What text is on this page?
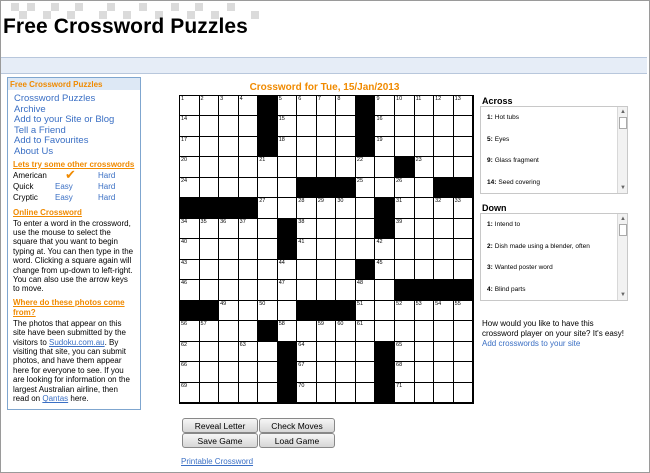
Free Crossword Puzzles
Free Crossword Puzzles
Crossword Puzzles
Archive
Add to your Site or Blog
Tell a Friend
Add to Favourites
About Us
Lets try some other crosswords
American	✔	Hard
Quick	Easy	Hard
Cryptic	Easy	Hard
Online Crossword
To enter a word in the crossword, use the mouse to select the square that you want to begin typing at. You can then type in the word. Clicking a square again will change from up-down to left-right. You can also use the arrow keys to move.
Where do these photos come from?
The photos that appear on this site have been submitted by the visitors to Sudoku.com.au. By visiting that site, you can submit photos, and have them appear here for everyone to see. If you are looking for information on the largest Australian airline, then read on Qantas here.
Crossword for Tue, 15/Jan/2013
1	2	3	4	5	6	7	8	9	10 11	12 13
14	15	16
17	18	19
20	21	22	23
24	25	26
27	28 29 30	31	32 33
34 35 36 37	38	39
40	41	42
43	44	45
46	47	48
49	50	51	52 53 54 55
56 57	58	59 60 61
62	63	64	65
66	67	68
69	70	71
Across
1: Hot tubs
5: Eyes
9: Glass fragment
14: Seed covering
▲
▼
Down
1: Intend to
2: Dish made using a blender, often
3: Wanted poster word
4: Blind parts
▲
▼
How would you like to have this crossword player on your site? It's easy!
Add crosswords to your site
Reveal Letter	Check Moves
Save Game	Load Game
Printable Crossword
